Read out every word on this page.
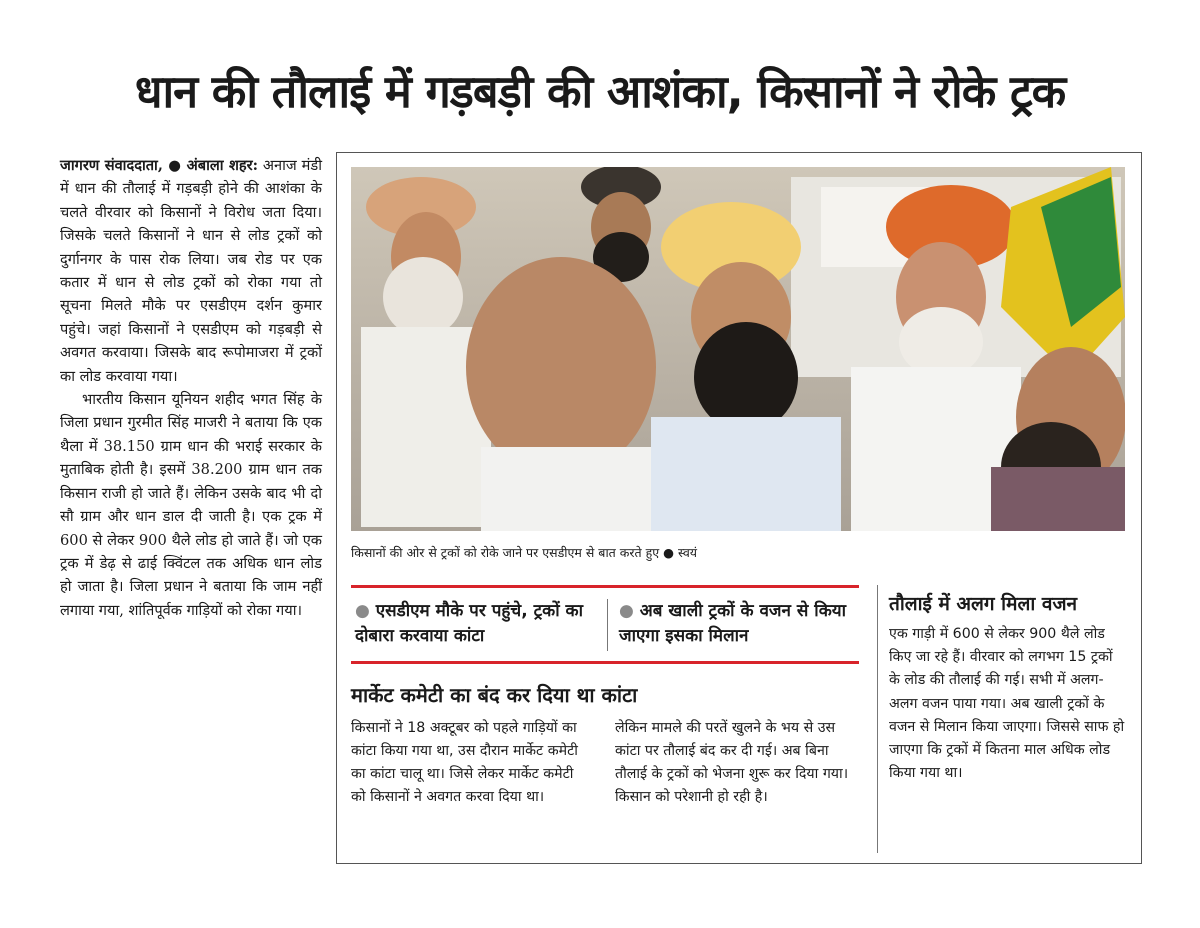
धान की तौलाई में गड़बड़ी की आशंका, किसानों ने रोके ट्रक

जागरण संवाददाता, ● अंबाला शहर: अनाज मंडी में धान की तौलाई में गड़बड़ी होने की आशंका के चलते वीरवार को किसानों ने विरोध जता दिया। जिसके चलते किसानों ने धान से लोड ट्रकों को दुर्गानगर के पास रोक लिया। जब रोड पर एक कतार में धान से लोड ट्रकों को रोका गया तो सूचना मिलते मौके पर एसडीएम दर्शन कुमार पहुंचे। जहां किसानों ने एसडीएम को गड़बड़ी से अवगत करवाया। जिसके बाद रूपोमाजरा में ट्रकों का लोड करवाया गया।

भारतीय किसान यूनियन शहीद भगत सिंह के जिला प्रधान गुरमीत सिंह माजरी ने बताया कि एक थैला में 38.150 ग्राम धान की भराई सरकार के मुताबिक होती है। इसमें 38.200 ग्राम धान तक किसान राजी हो जाते हैं। लेकिन उसके बाद भी दो सौ ग्राम और धान डाल दी जाती है। एक ट्रक में 600 से लेकर 900 थैले लोड हो जाते हैं। जो एक ट्रक में डेढ़ से ढाई क्विंटल तक अधिक धान लोड हो जाता है। जिला प्रधान ने बताया कि जाम नहीं लगाया गया, शांतिपूर्वक गाड़ियों को रोका गया।

किसानों की ओर से ट्रकों को रोके जाने पर एसडीएम से बात करते हुए ● स्वयं
● एसडीएम मौके पर पहुंचे, ट्रकों का दोबारा करवाया कांटा
● अब खाली ट्रकों के वजन से किया जाएगा इसका मिलान
मार्केट कमेटी का बंद कर दिया था कांटा
किसानों ने 18 अक्टूबर को पहले गाड़ियों का कांटा किया गया था, उस दौरान मार्केट कमेटी का कांटा चालू था। जिसे लेकर मार्केट कमेटी को किसानों ने अवगत करवा दिया था।
लेकिन मामले की परतें खुलने के भय से उस कांटा पर तौलाई बंद कर दी गई। अब बिना तौलाई के ट्रकों को भेजना शुरू कर दिया गया। किसान को परेशानी हो रही है।
तौलाई में अलग मिला वजन
एक गाड़ी में 600 से लेकर 900 थैले लोड किए जा रहे हैं। वीरवार को लगभग 15 ट्रकों के लोड की तौलाई की गई। सभी में अलग-अलग वजन पाया गया। अब खाली ट्रकों के वजन से मिलान किया जाएगा। जिससे साफ हो जाएगा कि ट्रकों में कितना माल अधिक लोड किया गया था।
